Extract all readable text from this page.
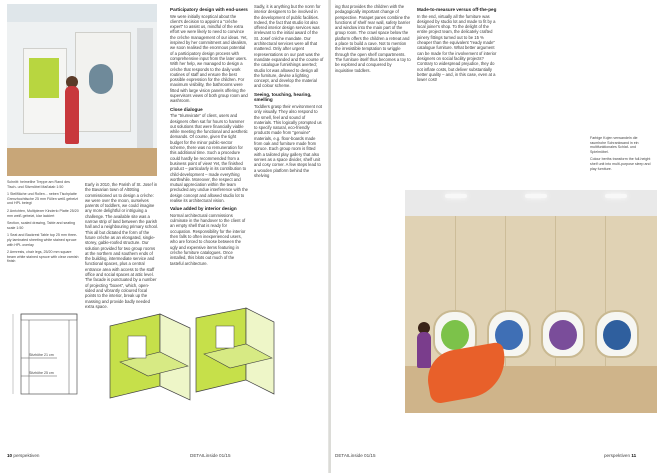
Schnitt: heimelihe Treppe am Rand des Tisch- und Sitzmöbel Maßstab 1:50

1 Stellfläche und Rollen... neben Tischplatte Grenzhochtische 25 mm Füllen weiß gebeizt und HPL beiegt

2 Anrichten, Multiplexer Kinderlo Platte 25/20 mm weiß gebeizt, klar lackiert

Section, scaled drawing, Table and seating scale 1:50

1 Seat and Backrest Table top 25 mm three-ply laminated sheeting white stained spruce with HPL overlay

2 Armrests, chair legs, 25/20 mm square beam white stained spruce with clear varnish finish

Early in 2010, the Parish of St. Josef in the Bavarian town of Altötting commissioned us to design a crèche: we were over the moon, ourselves parents of toddlers, we could imagine any more delightful or intriguing a challenge. The available site was a narrow strip of land between the parish hall and a neighbouring primary school. This all but dictated the form of the future crèche as an elongated, single-storey, gable-roofed structure. Our solution provided for two group rooms at the northern and southern ends of the building, intermediate service and functional spaces, plus a central entrance area with access to the staff office and social spaces at attic level. The facade is punctuated by a number of projecting "boxes", which, open-sided and vibrantly coloured focal points to the interior, break up the massing and provide badly needed extra space.

Participatory design with end-users

We were initially sceptical about the client's decision to appoint a "crèche expert" to assist us, mindful of the extra effort we were likely to need to convince the crèche management of our ideas. Yet, inspired by her commitment and idealism, we soon realised the enormous potential of a participatory design process with comprehensive input from the later users. With her help, we managed to design a crèche that responds to the daily work routines of staff and ensure the best possible expression for the children. For maximum visibility, the bathrooms were fitted with large vision panels offering the supervisors views of both group room and washroom.

Close dialogue

The "triumvirate" of client, users and designers often sat for hours to hammer out solutions that were financially viable while meeting the functional and aesthetic demands. Of course, given the tight budget for the minor public-sector scheme, there was no remuneration for this additional time. Such a procedure could hardly be recommended from a business point of view! Yet, the finished product – particularly in its contribution to child-development – made everything worthwhile. Moreover, the respect and mutual appreciation within the team precluded any undue interference with the design concept and allowed studio lot to realise its architectural vision.

Value added by interior design

Normal architectural commissions culminate in the handover to the client of an empty shell that is ready for occupation. Responsibility for the interior then falls to often inexperienced users, who are forced to choose between the ugly and expensive items featuring in crèche furniture catalogues. Once installed, this blots out much of the tasteful architecture.

Sadly, it is anything but the norm for interior designers to be involved in the development of public facilities. Indeed, the fact that studio lot also offered interior design services was irrelevant to the initial award of the St. Josef crèche mandate. Our architectural services were all that mattered. Only after urgent representations on our part was the mandate expanded and the course of the catalogue furnishings averted; studio lot was allowed to design all the furniture, devise a lighting concept, and develop the material and colour scheme.

Seeing, touching, hearing, smelling

Toddlers grasp their environment not only visually. They also respond to the smell, feel and sound of materials. This logically prompted us to specify natural, eco-friendly products made from "genuine" materials, e.g. floor-boards made from oak and furniture made from spruce. Each group room is fitted with a tailored play gallery that also serves as a space divider, shelf unit and cosy corner. A few steps lead to a wooden platform behind the shelving

Sitzhöhe 21 cm
Sitzhöhe 25 cm
10 perspektiven	DETAILinside 01/15

ing that provides the children with the pedagogically important change of perspective. Parapet panes combine the functions of shelf rear wall, safety barrier and window into the main part of the group room. The crawl space below the platform offers the children a retreat and a place to build a cave. Not to mention the irresistible temptation to wriggle through the open shelf compartments. The furniture itself thus becomes a toy to be explored and conquered by inquisitive toddlers.

Made-to-measure versus off-the-peg

In the end, virtually all the furniture was designed by studio lot and made to fit by a local joiner's shop. To the delight of the entire project team, the delicately crafted joinery fittings turned out to be 15 % cheaper than the equivalent "ready made" catalogue furniture. What better argument can be made for the involvement of interior designers on social facility projects? Contrary to widespread prejudice, they do not inflate costs, but deliver substantially better quality – and, in this case, even at a lower cost!

Farbige Kojen verwandeln die raumhohe Schrankwand in ein multifunktionales Schlaf- und Spielmöbel.

Colour berths transform the full-height shelf unit into multi-purpose sleep and play furniture.

DETAILinside 01/15	perspektiven 11
